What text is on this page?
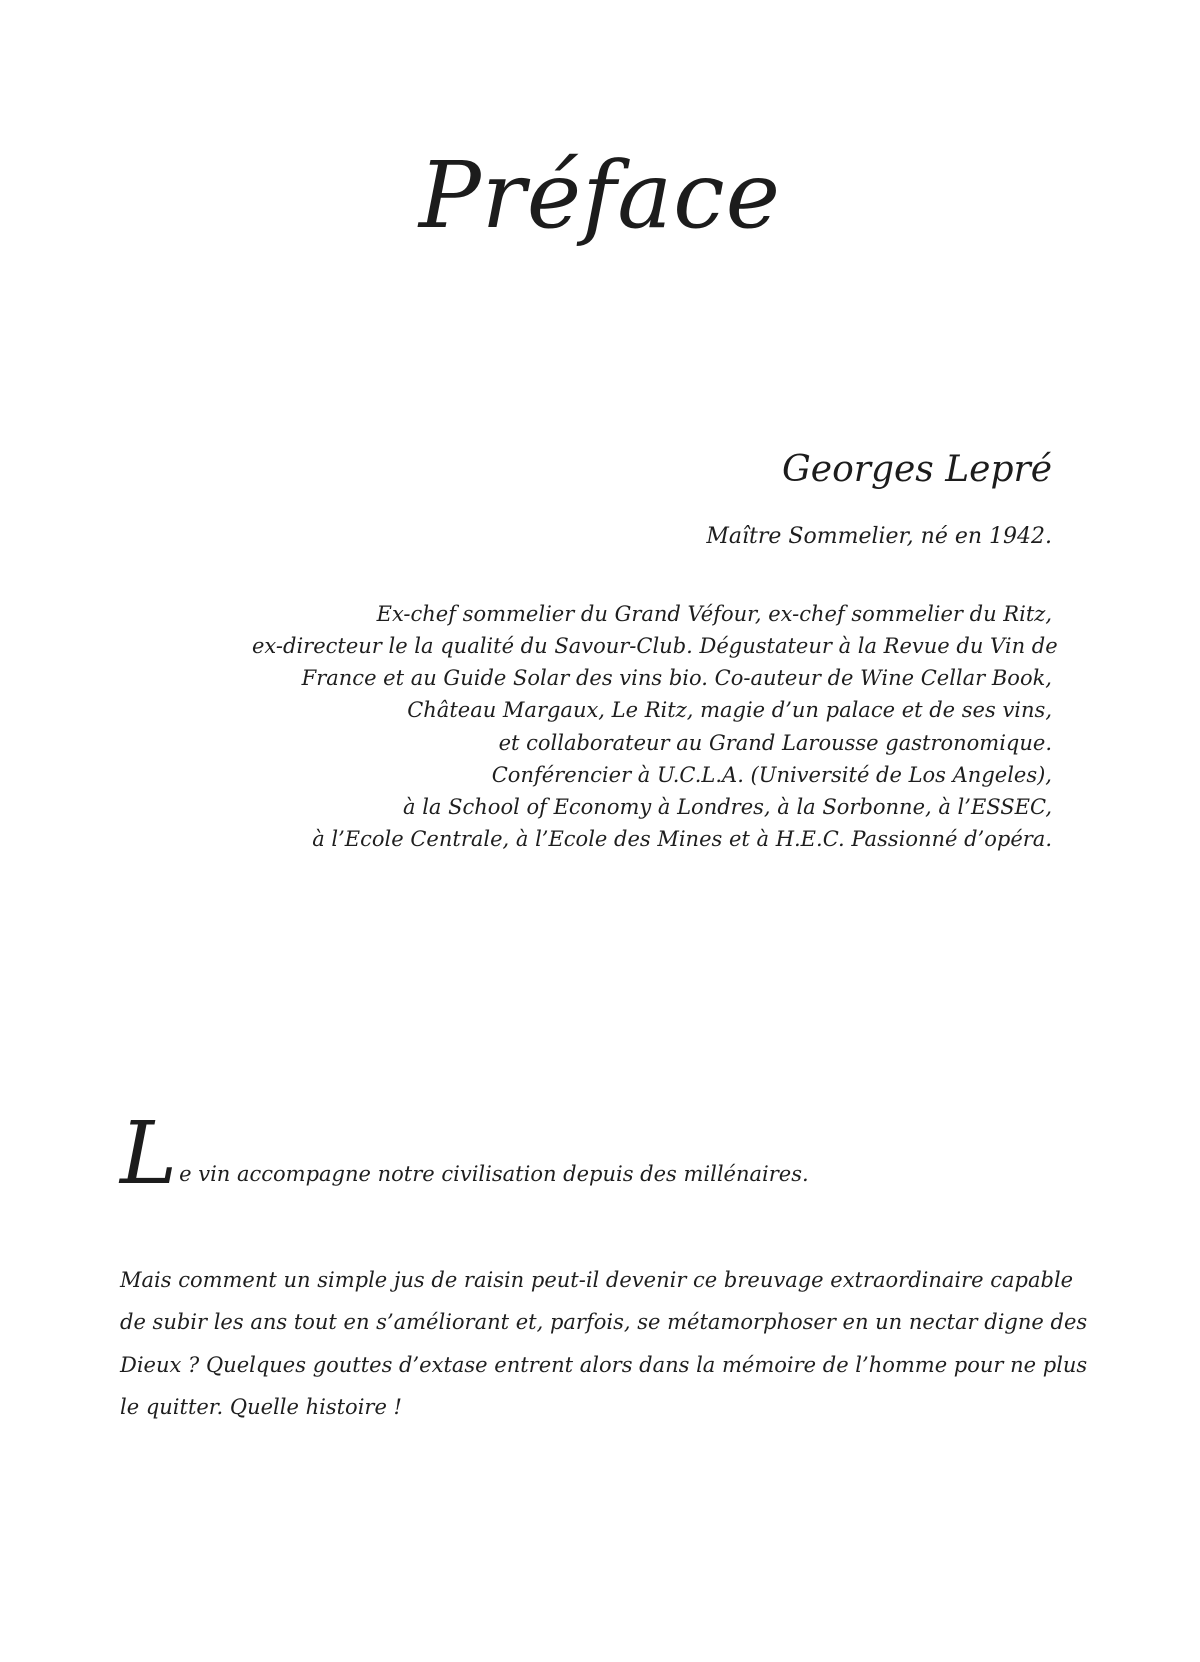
Préface
Georges Lepré
Maître Sommelier, né en 1942.
Ex-chef sommelier du Grand Véfour, ex-chef sommelier du Ritz,
ex-directeur le la qualité du Savour-Club. Dégustateur à la Revue du Vin de
France et au Guide Solar des vins bio. Co-auteur de Wine Cellar Book,
Château Margaux, Le Ritz, magie d’un palace et de ses vins,
et collaborateur au Grand Larousse gastronomique.
Conférencier à U.C.L.A. (Université de Los Angeles),
à la School of Economy à Londres, à la Sorbonne, à l’ESSEC,
à l’Ecole Centrale, à l’Ecole des Mines et à H.E.C. Passionné d’opéra.
Le vin accompagne notre civilisation depuis des millénaires.
Mais comment un simple jus de raisin peut-il devenir ce breuvage extraordinaire capable
de subir les ans tout en s’améliorant et, parfois, se métamorphoser en un nectar digne des
Dieux ? Quelques gouttes d’extase entrent alors dans la mémoire de l’homme pour ne plus
le quitter. Quelle histoire !
